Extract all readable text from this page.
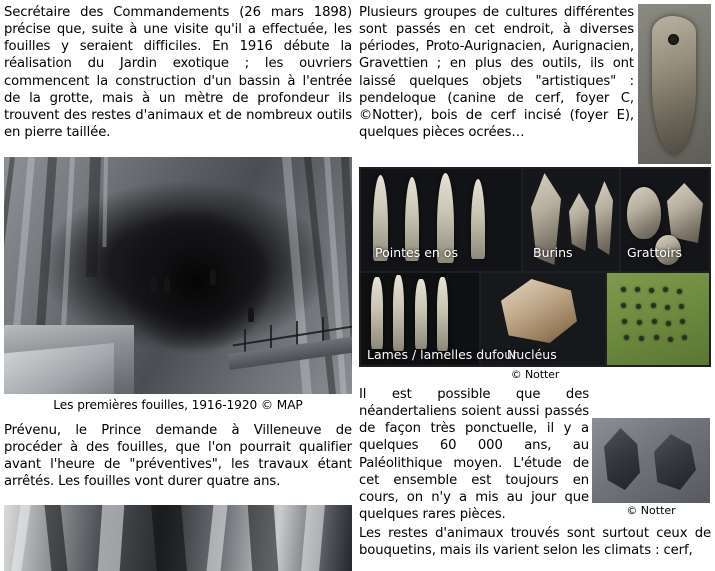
Secrétaire des Commandements (26 mars 1898) précise que, suite à une visite qu'il a effectuée, les fouilles y seraient difficiles. En 1916 débute la réalisation du Jardin exotique ; les ouvriers commencent la construction d'un bassin à l'entrée de la grotte, mais à un mètre de profondeur ils trouvent des restes d'animaux et de nombreux outils en pierre taillée.
Les premières fouilles, 1916-1920 © MAP
Prévenu, le Prince demande à Villeneuve de procéder à des fouilles, que l'on pourrait qualifier avant l'heure de "préventives", les travaux étant arrêtés. Les fouilles vont durer quatre ans.
Plusieurs groupes de cultures différentes sont passés en cet endroit, à diverses périodes, Proto-Aurignacien, Aurignacien, Gravettien ; en plus des outils, ils ont laissé quelques objets "artistiques" : pendeloque (canine de cerf, foyer C, ©Notter), bois de cerf incisé (foyer E), quelques pièces ocrées…
Pointes en os	Burins	Grattoirs
Lames / lamelles dufour
Nucléus
© Notter
Il est possible que des néandertaliens soient aussi passés de façon très ponctuelle, il y a quelques 60 000 ans, au Paléolithique moyen. L'étude de cet ensemble est toujours en cours, on n'y a mis au jour que quelques rares pièces.	© Notter
Les restes d'animaux trouvés sont surtout ceux de bouquetins, mais ils varient selon les climats : cerf,
